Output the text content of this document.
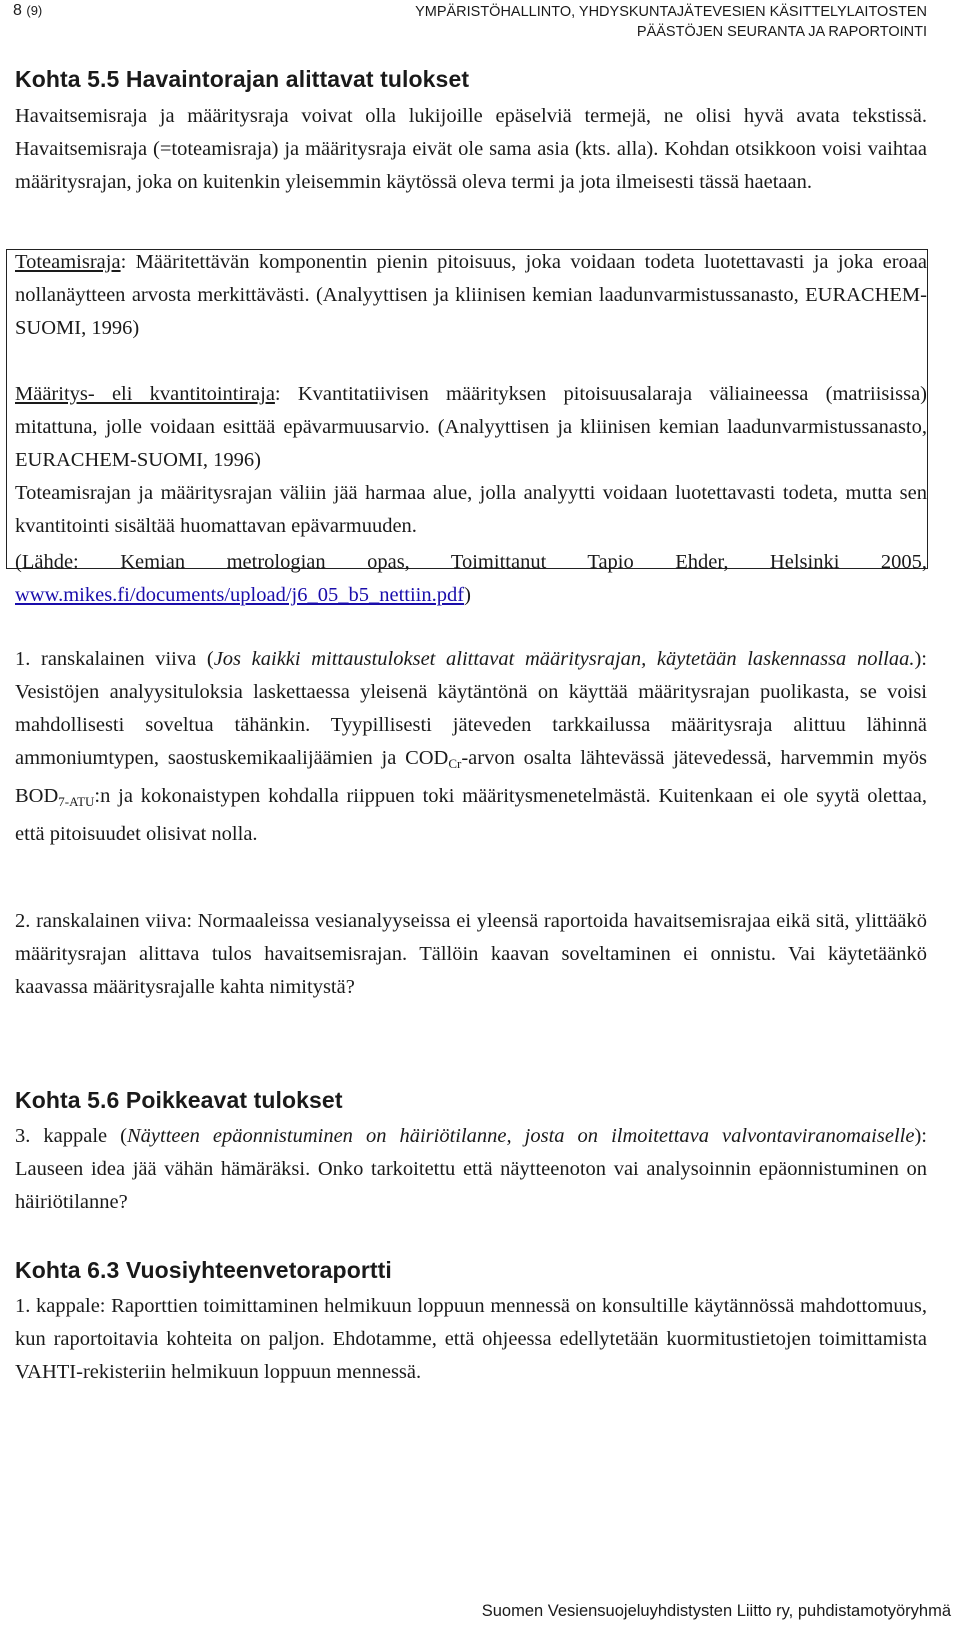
8 (9)	YMPÄRISTÖHALLINTO, YHDYSKUNTAJÄTEVESIEN KÄSITTELYLAITOSTEN
PÄÄSTÖJEN SEURANTA JA RAPORTOINTI
Kohta 5.5 Havaintorajan alittavat tulokset
Havaitsemisraja ja määritysraja voivat olla lukijoille epäselviä termejä, ne olisi hyvä avata tekstissä. Havaitsemisraja (=toteamisraja) ja määritysraja eivät ole sama asia (kts. alla). Kohdan otsikkoon voisi vaihtaa määritysrajan, joka on kuitenkin yleisemmin käytössä oleva termi ja jota ilmeisesti tässä haetaan.
Toteamisraja: Määritettävän komponentin pienin pitoisuus, joka voidaan todeta luotettavasti ja joka eroaa nollanäytteen arvosta merkittävästi. (Analyyttisen ja kliinisen kemian laadunvarmistussanasto, EURACHEM-SUOMI, 1996)
Määritys- eli kvantitointiraja: Kvantitatiivisen määrityksen pitoisuusalaraja väliaineessa (matriisissa) mitattuna, jolle voidaan esittää epävarmuusarvio. (Analyyttisen ja kliinisen kemian laadunvarmistussanasto, EURACHEM-SUOMI, 1996)
Toteamisrajan ja määritysrajan väliin jää harmaa alue, jolla analyytti voidaan luotettavasti todeta, mutta sen kvantitointi sisältää huomattavan epävarmuuden.
(Lähde: Kemian metrologian opas, Toimittanut Tapio Ehder, Helsinki 2005, www.mikes.fi/documents/upload/j6_05_b5_nettiin.pdf)
1. ranskalainen viiva (Jos kaikki mittaustulokset alittavat määritysrajan, käytetään laskennassa nollaa.): Vesistöjen analyysituloksia laskettaessa yleisenä käytäntönä on käyttää määritysrajan puolikasta, se voisi mahdollisesti soveltua tähänkin. Tyypillisesti jäteveden tarkkailussa määritysraja alittuu lähinnä ammoniumtypen, saostuskemikaalijäämien ja $COD_{Cr}$-arvon osalta lähtevässä jätevedessä, harvemmin myös $BOD_{7-ATU}:n$ ja kokonaistypen kohdalla riippuen toki määritysmenetelmästä. Kuitenkaan ei ole syytä olettaa, että pitoisuudet olisivat nolla.
2. ranskalainen viiva: Normaaleissa vesianalyyseissa ei yleensä raportoida havaitsemisrajaa eikä sitä, ylittääkö määritysrajan alittava tulos havaitsemisrajan. Tällöin kaavan soveltaminen ei onnistu. Vai käytetäänkö kaavassa määritysrajalle kahta nimitystä?
Kohta 5.6 Poikkeavat tulokset
3. kappale (Näytteen epäonnistuminen on häiriötilanne, josta on ilmoitettava valvontaviranomaiselle): Lauseen idea jää vähän hämäräksi. Onko tarkoitettu että näytteenoton vai analysoinnin epäonnistuminen on häiriötilanne?
Kohta 6.3 Vuosiyhteenvetoraportti
1. kappale: Raporttien toimittaminen helmikuun loppuun mennessä on konsultille käytännössä mahdottomuus, kun raportoitavia kohteita on paljon. Ehdotamme, että ohjeessa edellytetään kuormitustietojen toimittamista VAHTI-rekisteriin helmikuun loppuun mennessä.
Suomen Vesiensuojeluyhdistysten Liitto ry, puhdistamotyöryhmä
